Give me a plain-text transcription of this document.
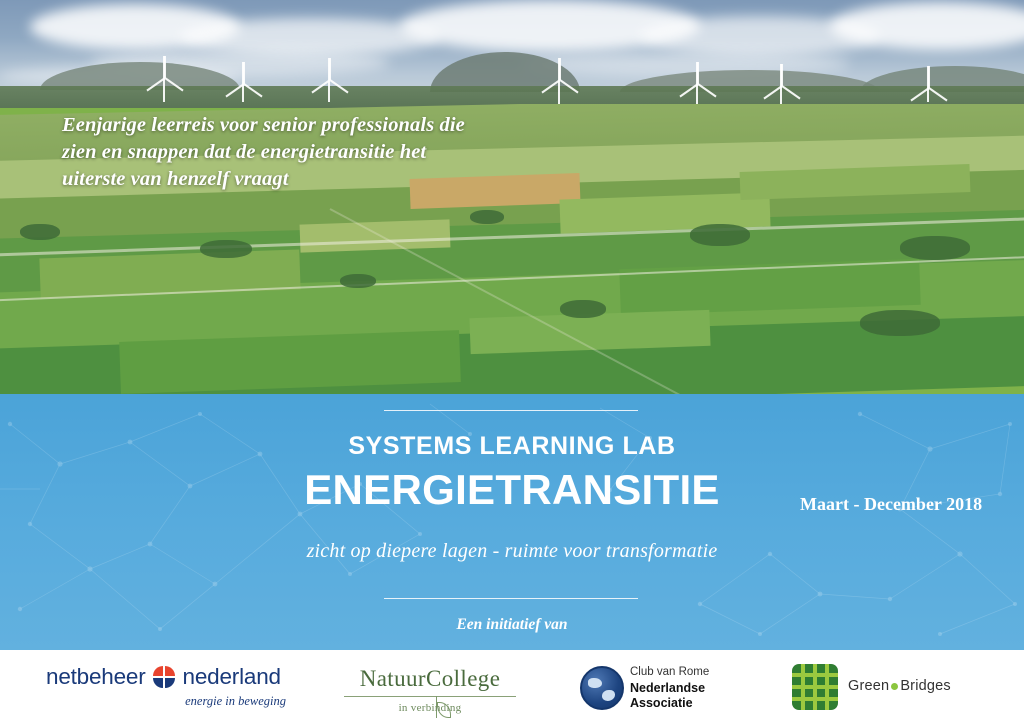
Eenjarige leerreis voor senior professionals die zien en snappen dat de energietransitie het uiterste van henzelf vraagt
SYSTEMS LEARNING LAB
ENERGIETRANSITIE
zicht op diepere lagen - ruimte voor transformatie
Een initiatief van
Maart - December 2018
netbeheer nederland
energie in beweging
NatuurCollege
in verbinding
Club van Rome
Nederlandse
Associatie
Green Bridges
